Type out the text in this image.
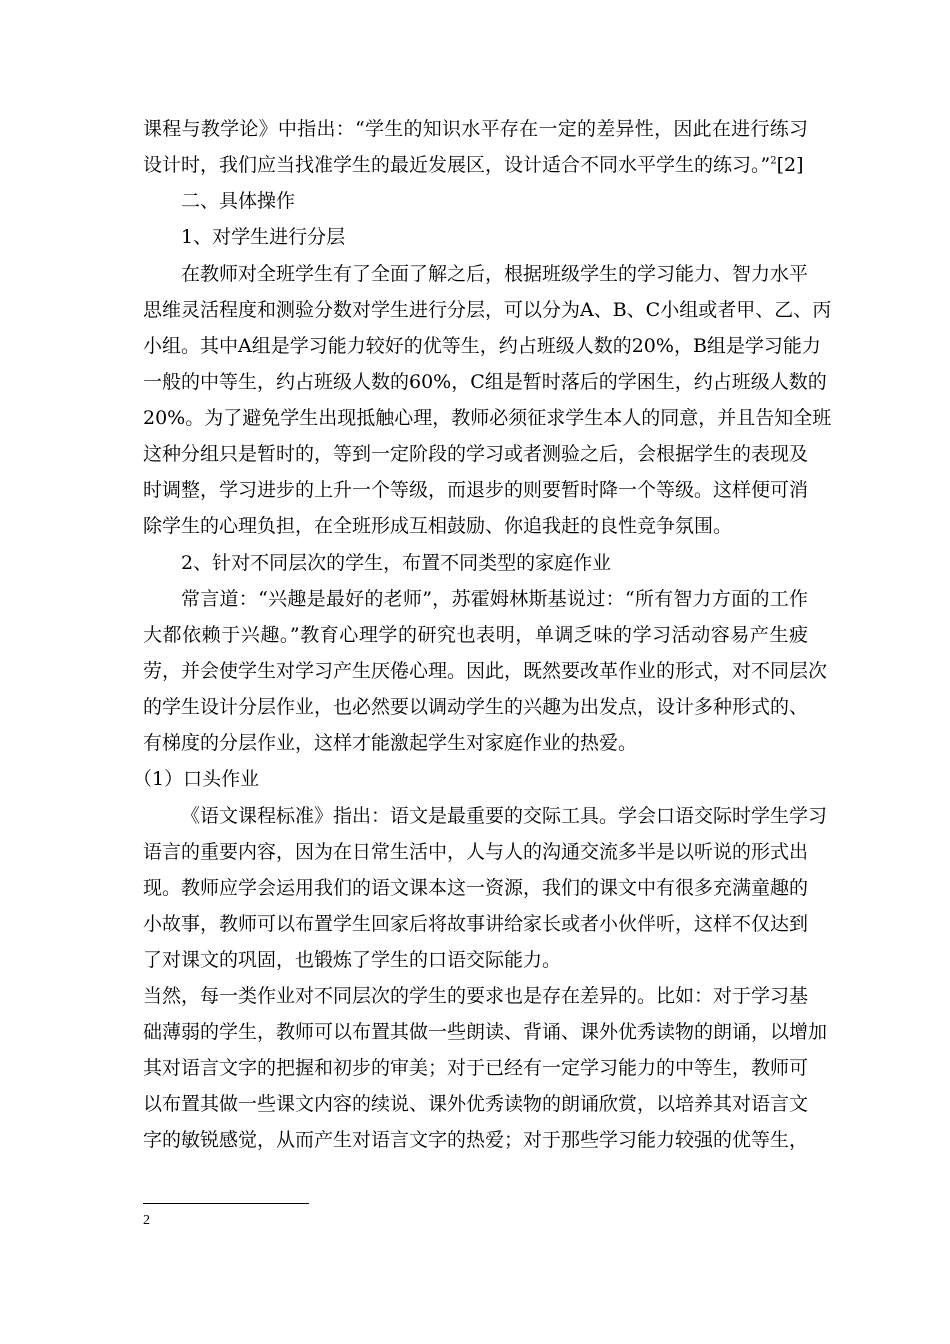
课程与教学论》中指出：“学生的知识水平存在一定的差异性，因此在进行练习
设计时，我们应当找准学生的最近发展区，设计适合不同水平学生的练习。”$^2$[2]
二、具体操作
1、对学生进行分层
在教师对全班学生有了全面了解之后，根据班级学生的学习能力、智力水平
思维灵活程度和测验分数对学生进行分层，可以分为A、B、C小组或者甲、乙、丙
小组。其中A组是学习能力较好的优等生，约占班级人数的20%，B组是学习能力
一般的中等生，约占班级人数的60%，C组是暂时落后的学困生，约占班级人数的
20%。为了避免学生出现抵触心理，教师必须征求学生本人的同意，并且告知全班
这种分组只是暂时的，等到一定阶段的学习或者测验之后，会根据学生的表现及
时调整，学习进步的上升一个等级，而退步的则要暂时降一个等级。这样便可消
除学生的心理负担，在全班形成互相鼓励、你追我赶的良性竞争氛围。
2、针对不同层次的学生，布置不同类型的家庭作业
常言道：“兴趣是最好的老师”，苏霍姆林斯基说过：“所有智力方面的工作
大都依赖于兴趣。”教育心理学的研究也表明，单调乏味的学习活动容易产生疲
劳，并会使学生对学习产生厌倦心理。因此，既然要改革作业的形式，对不同层次
的学生设计分层作业，也必然要以调动学生的兴趣为出发点，设计多种形式的、
有梯度的分层作业，这样才能激起学生对家庭作业的热爱。
（1）口头作业
《语文课程标准》指出：语文是最重要的交际工具。学会口语交际时学生学习
语言的重要内容，因为在日常生活中，人与人的沟通交流多半是以听说的形式出
现。教师应学会运用我们的语文课本这一资源，我们的课文中有很多充满童趣的
小故事，教师可以布置学生回家后将故事讲给家长或者小伙伴听，这样不仅达到
了对课文的巩固，也锻炼了学生的口语交际能力。
当然，每一类作业对不同层次的学生的要求也是存在差异的。比如：对于学习基
础薄弱的学生，教师可以布置其做一些朗读、背诵、课外优秀读物的朗诵，以增加
其对语言文字的把握和初步的审美；对于已经有一定学习能力的中等生，教师可
以布置其做一些课文内容的续说、课外优秀读物的朗诵欣赏，以培养其对语言文
字的敏锐感觉，从而产生对语言文字的热爱；对于那些学习能力较强的优等生，
2
